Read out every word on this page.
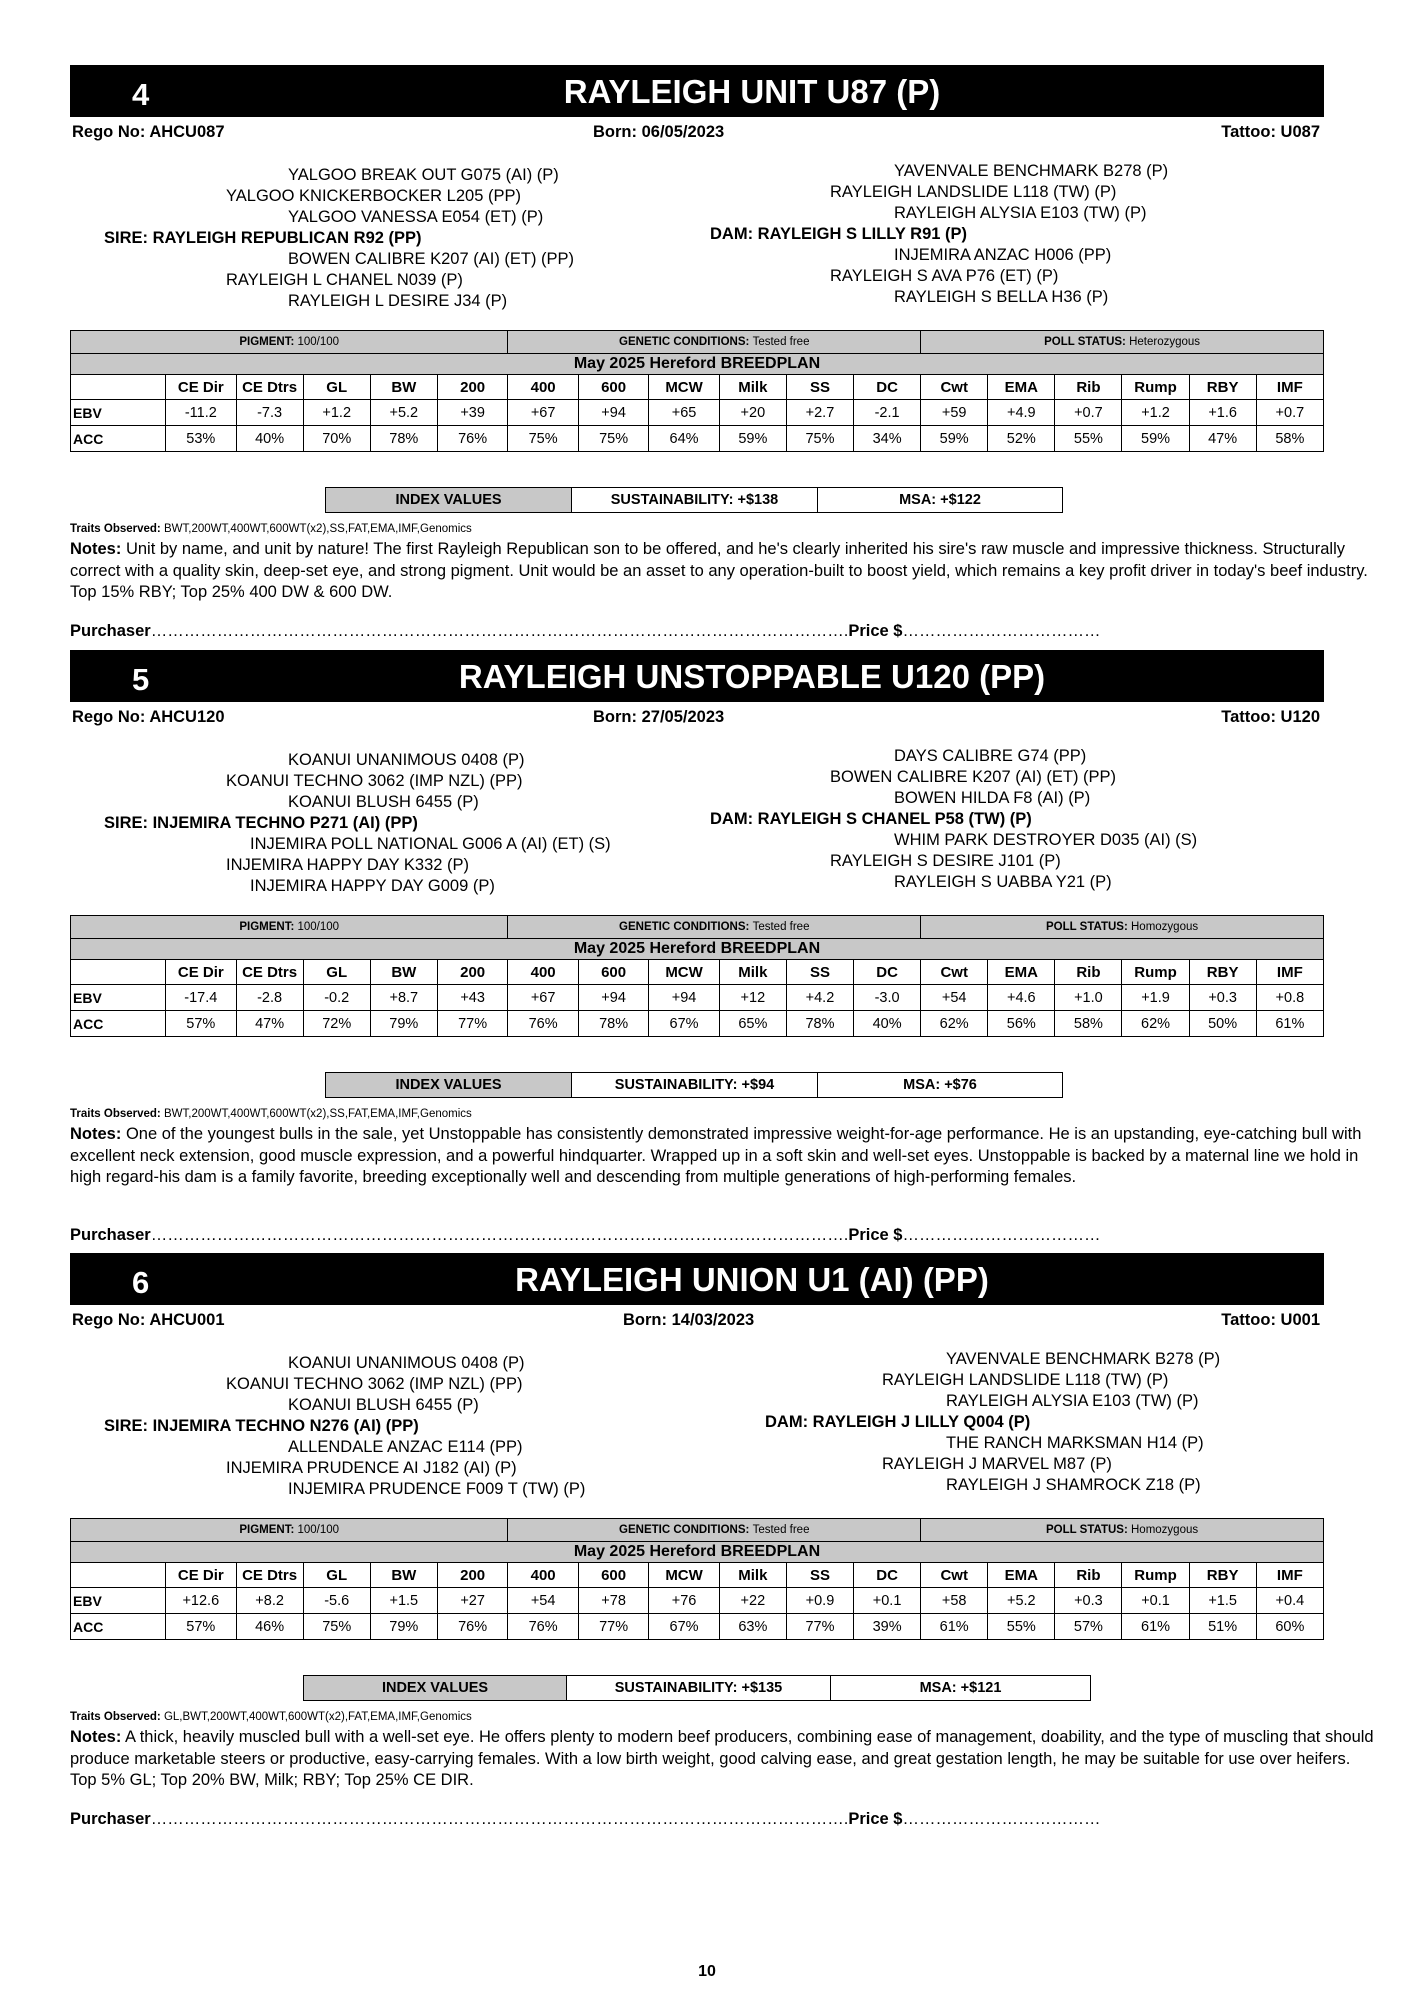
4	RAYLEIGH UNIT U87 (P)
Rego No: AHCU087	Born: 06/05/2023	Tattoo: U087
YALGOO BREAK OUT G075 (AI) (P)
YALGOO KNICKERBOCKER L205 (PP)
YALGOO VANESSA E054 (ET) (P)
SIRE: RAYLEIGH REPUBLICAN R92 (PP)
BOWEN CALIBRE K207 (AI) (ET) (PP)
RAYLEIGH L CHANEL N039 (P)
RAYLEIGH L DESIRE J34 (P)
YAVENVALE BENCHMARK B278 (P)
RAYLEIGH LANDSLIDE L118 (TW) (P)
RAYLEIGH ALYSIA E103 (TW) (P)
DAM: RAYLEIGH S LILLY R91 (P)
INJEMIRA ANZAC H006 (PP)
RAYLEIGH S AVA P76 (ET) (P)
RAYLEIGH S BELLA H36 (P)
PIGMENT: 100/100						GENETIC CONDITIONS: Tested free						POLL STATUS: Heterozygous					
May 2025 Hereford BREEDPLAN																	
	CE Dir	CE Dtrs	GL	BW	200	400	600	MCW	Milk	SS	DC	Cwt	EMA	Rib	Rump	RBY	IMF
EBV	-11.2	-7.3	+1.2	+5.2	+39	+67	+94	+65	+20	+2.7	-2.1	+59	+4.9	+0.7	+1.2	+1.6	+0.7
ACC	53%	40%	70%	78%	76%	75%	75%	64%	59%	75%	34%	59%	52%	55%	59%	47%	58%
INDEX VALUES	SUSTAINABILITY: +$138	MSA: +$122
Traits Observed: BWT,200WT,400WT,600WT(x2),SS,FAT,EMA,IMF,Genomics
Notes: Unit by name, and unit by nature! The first Rayleigh Republican son to be offered, and he's clearly inherited his sire's raw muscle and impressive thickness. Structurally correct with a quality skin, deep-set eye, and strong pigment. Unit would be an asset to any operation-built to boost yield, which remains a key profit driver in today's beef industry. Top 15% RBY; Top 25% 400 DW & 600 DW.
Purchaser……………………………………………………………………………………………………………….Price $………………………………
5	RAYLEIGH UNSTOPPABLE U120 (PP)
Rego No: AHCU120	Born: 27/05/2023	Tattoo: U120
KOANUI UNANIMOUS 0408 (P)
KOANUI TECHNO 3062 (IMP NZL) (PP)
KOANUI BLUSH 6455 (P)
SIRE: INJEMIRA TECHNO P271 (AI) (PP)
INJEMIRA POLL NATIONAL G006 A (AI) (ET) (S)
INJEMIRA HAPPY DAY K332 (P)
INJEMIRA HAPPY DAY G009 (P)
DAYS CALIBRE G74 (PP)
BOWEN CALIBRE K207 (AI) (ET) (PP)
BOWEN HILDA F8 (AI) (P)
DAM: RAYLEIGH S CHANEL P58 (TW) (P)
WHIM PARK DESTROYER D035 (AI) (S)
RAYLEIGH S DESIRE J101 (P)
RAYLEIGH S UABBA Y21 (P)
PIGMENT: 100/100						GENETIC CONDITIONS: Tested free						POLL STATUS: Homozygous					
May 2025 Hereford BREEDPLAN																	
	CE Dir	CE Dtrs	GL	BW	200	400	600	MCW	Milk	SS	DC	Cwt	EMA	Rib	Rump	RBY	IMF
EBV	-17.4	-2.8	-0.2	+8.7	+43	+67	+94	+94	+12	+4.2	-3.0	+54	+4.6	+1.0	+1.9	+0.3	+0.8
ACC	57%	47%	72%	79%	77%	76%	78%	67%	65%	78%	40%	62%	56%	58%	62%	50%	61%
INDEX VALUES	SUSTAINABILITY: +$94	MSA: +$76
Traits Observed: BWT,200WT,400WT,600WT(x2),SS,FAT,EMA,IMF,Genomics
Notes: One of the youngest bulls in the sale, yet Unstoppable has consistently demonstrated impressive weight-for-age performance. He is an upstanding, eye-catching bull with excellent neck extension, good muscle expression, and a powerful hindquarter. Wrapped up in a soft skin and well-set eyes. Unstoppable is backed by a maternal line we hold in high regard-his dam is a family favorite, breeding exceptionally well and descending from multiple generations of high-performing females.
Purchaser……………………………………………………………………………………………………………….Price $………………………………
6	RAYLEIGH UNION U1 (AI) (PP)
Rego No: AHCU001	Born: 14/03/2023	Tattoo: U001
KOANUI UNANIMOUS 0408 (P)
KOANUI TECHNO 3062 (IMP NZL) (PP)
KOANUI BLUSH 6455 (P)
SIRE: INJEMIRA TECHNO N276 (AI) (PP)
ALLENDALE ANZAC E114 (PP)
INJEMIRA PRUDENCE AI J182 (AI) (P)
INJEMIRA PRUDENCE F009 T (TW) (P)
YAVENVALE BENCHMARK B278 (P)
RAYLEIGH LANDSLIDE L118 (TW) (P)
RAYLEIGH ALYSIA E103 (TW) (P)
DAM: RAYLEIGH J LILLY Q004 (P)
THE RANCH MARKSMAN H14 (P)
RAYLEIGH J MARVEL M87 (P)
RAYLEIGH J SHAMROCK Z18 (P)
PIGMENT: 100/100						GENETIC CONDITIONS: Tested free						POLL STATUS: Homozygous					
May 2025 Hereford BREEDPLAN																	
	CE Dir	CE Dtrs	GL	BW	200	400	600	MCW	Milk	SS	DC	Cwt	EMA	Rib	Rump	RBY	IMF
EBV	+12.6	+8.2	-5.6	+1.5	+27	+54	+78	+76	+22	+0.9	+0.1	+58	+5.2	+0.3	+0.1	+1.5	+0.4
ACC	57%	46%	75%	79%	76%	76%	77%	67%	63%	77%	39%	61%	55%	57%	61%	51%	60%
INDEX VALUES	SUSTAINABILITY: +$135	MSA: +$121
Traits Observed: GL,BWT,200WT,400WT,600WT(x2),FAT,EMA,IMF,Genomics
Notes: A thick, heavily muscled bull with a well-set eye. He offers plenty to modern beef producers, combining ease of management, doability, and the type of muscling that should produce marketable steers or productive, easy-carrying females. With a low birth weight, good calving ease, and great gestation length, he may be suitable for use over heifers. Top 5% GL; Top 20% BW, Milk; RBY; Top 25% CE DIR.
Purchaser……………………………………………………………………………………………………………….Price $………………………………
10
